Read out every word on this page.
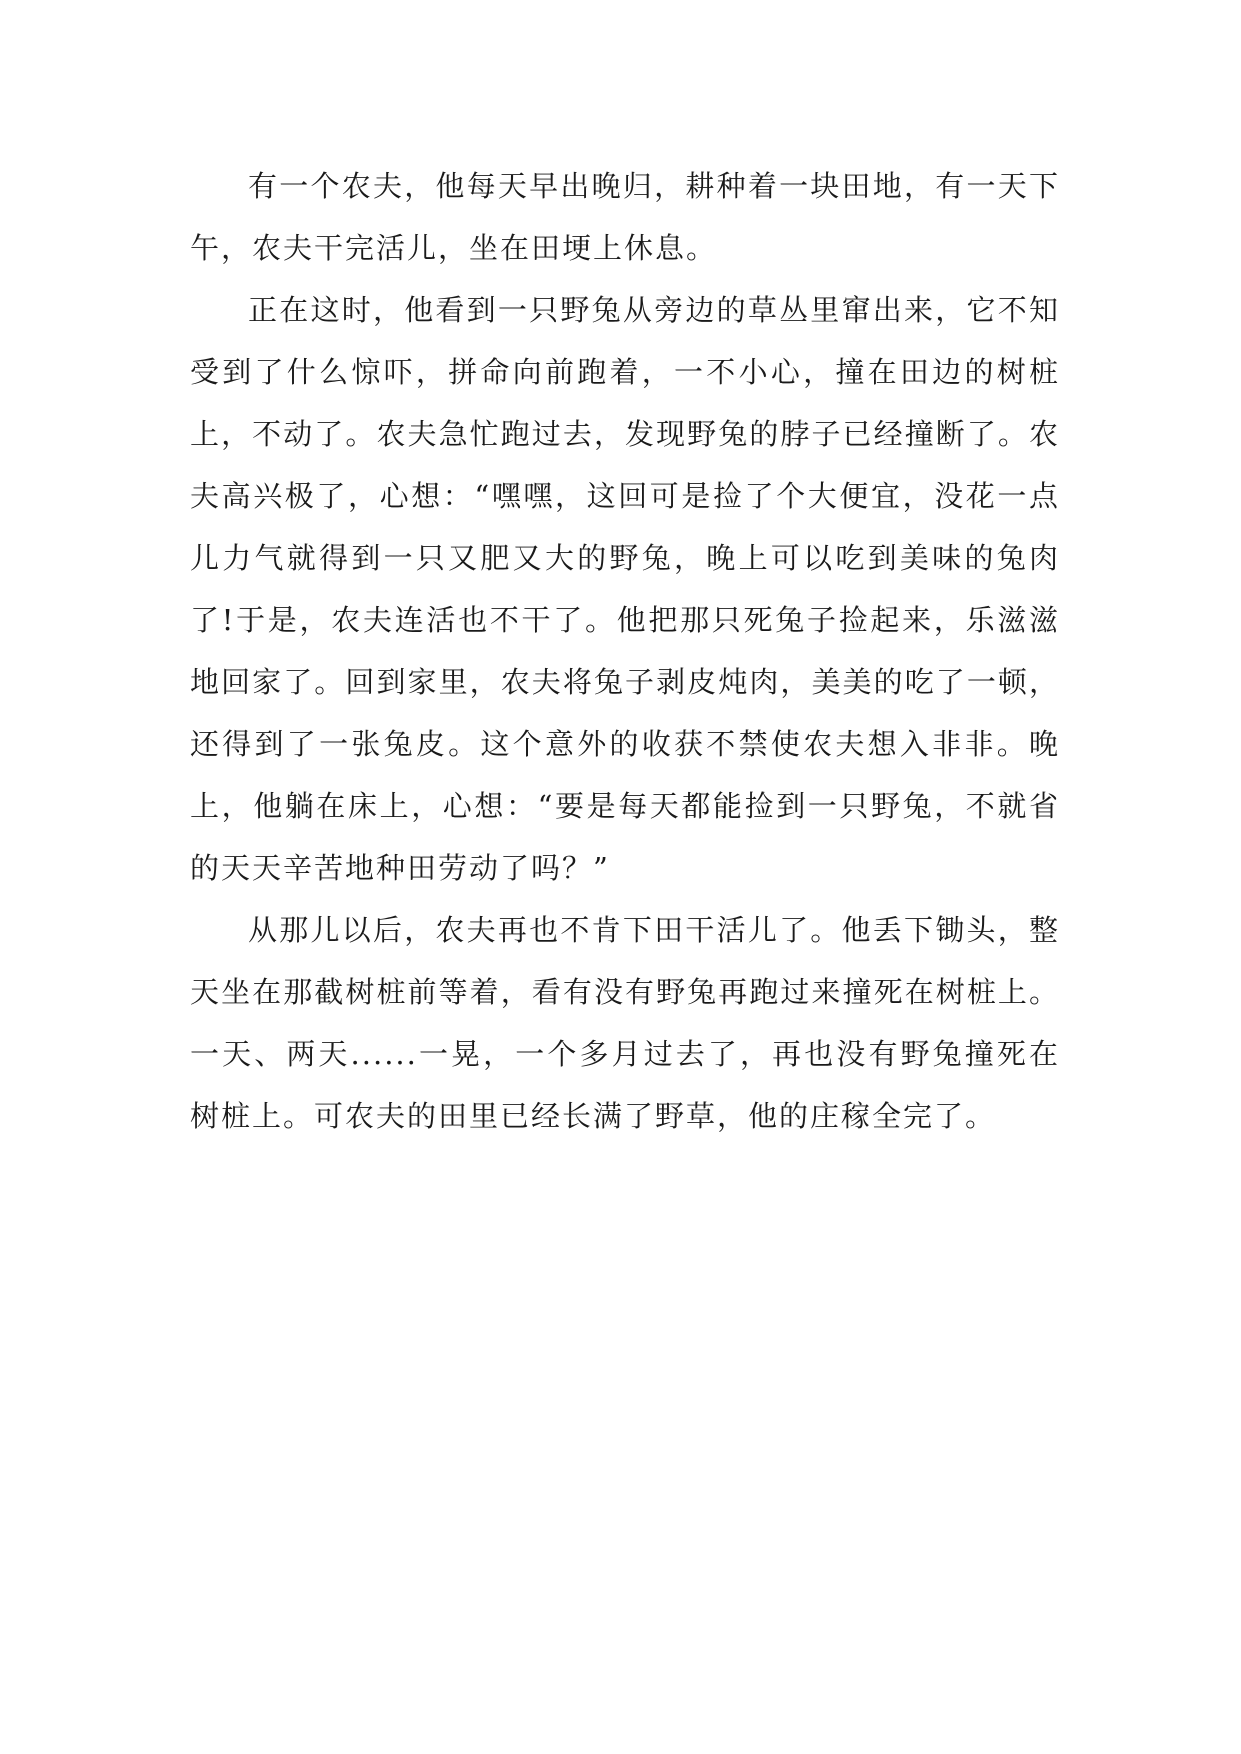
有一个农夫，他每天早出晚归，耕种着一块田地，有一天下午，农夫干完活儿，坐在田埂上休息。

正在这时，他看到一只野兔从旁边的草丛里窜出来，它不知受到了什么惊吓，拼命向前跑着，一不小心，撞在田边的树桩上，不动了。农夫急忙跑过去，发现野兔的脖子已经撞断了。农夫高兴极了，心想：“嘿嘿，这回可是捡了个大便宜，没花一点儿力气就得到一只又肥又大的野兔，晚上可以吃到美味的兔肉了!于是，农夫连活也不干了。他把那只死兔子捡起来，乐滋滋地回家了。回到家里，农夫将兔子剥皮炖肉，美美的吃了一顿，还得到了一张兔皮。这个意外的收获不禁使农夫想入非非。晚上，他躺在床上，心想：“要是每天都能捡到一只野兔，不就省的天天辛苦地种田劳动了吗？”

从那儿以后，农夫再也不肯下田干活儿了。他丢下锄头，整天坐在那截树桩前等着，看有没有野兔再跑过来撞死在树桩上。一天、两天......一晃，一个多月过去了，再也没有野兔撞死在树桩上。可农夫的田里已经长满了野草，他的庄稼全完了。
